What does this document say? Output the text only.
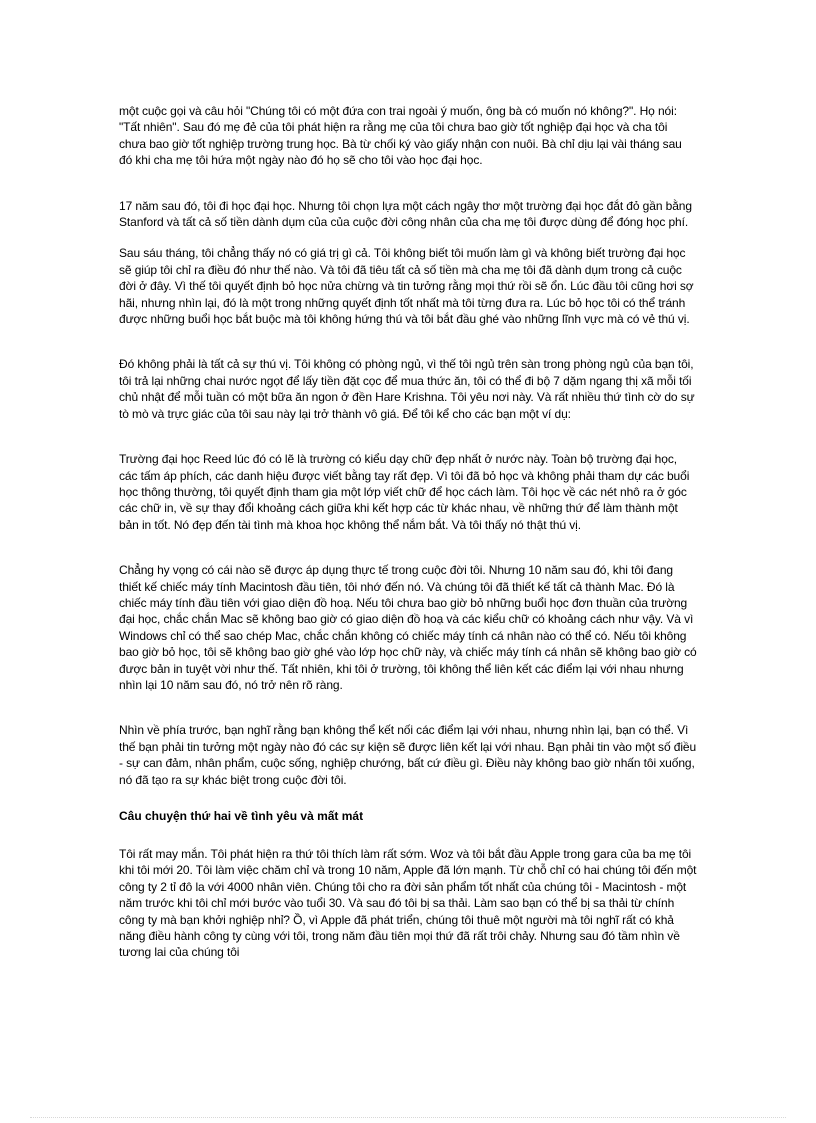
một cuộc gọi và câu hỏi "Chúng tôi có một đứa con trai ngoài ý muốn, ông bà có muốn nó không?". Họ nói: "Tất nhiên". Sau đó mẹ đẻ của tôi phát hiện ra rằng mẹ của tôi chưa bao giờ tốt nghiệp đại học và cha tôi chưa bao giờ tốt nghiệp trường trung học. Bà từ chối ký vào giấy nhận con nuôi. Bà chỉ dịu lại vài tháng sau đó khi cha mẹ tôi hứa một ngày nào đó họ sẽ cho tôi vào học đại học.

17 năm sau đó, tôi đi học đại học. Nhưng tôi chọn lựa một cách ngây thơ một trường đại học đắt đỏ gần bằng Stanford và tất cả số tiền dành dụm của của cuộc đời công nhân của cha mẹ tôi được dùng để đóng học phí.

Sau sáu tháng, tôi chẳng thấy nó có giá trị gì cả. Tôi không biết tôi muốn làm gì và không biết trường đại học sẽ giúp tôi chỉ ra điều đó như thế nào. Và tôi đã tiêu tất cả số tiền mà cha mẹ tôi đã dành dụm trong cả cuộc đời ở đây. Vì thế tôi quyết định bỏ học nửa chừng và tin tưởng rằng mọi thứ rồi sẽ ổn. Lúc đầu tôi cũng hơi sợ hãi, nhưng nhìn lại, đó là một trong những quyết định tốt nhất mà tôi từng đưa ra. Lúc bỏ học tôi có thể tránh được những buổi học bắt buộc mà tôi không hứng thú và tôi bắt đầu ghé vào những lĩnh vực mà có vẻ thú vị.

Đó không phải là tất cả sự thú vị. Tôi không có phòng ngủ, vì thế tôi ngủ trên sàn trong phòng ngủ của bạn tôi, tôi trả lại những chai nước ngọt để lấy tiền đặt cọc để mua thức ăn, tôi có thể đi bộ 7 dặm ngang thị xã mỗi tối chủ nhật để mỗi tuần có một bữa ăn ngon ở đền Hare Krishna. Tôi yêu nơi này. Và rất nhiều thứ tình cờ do sự tò mò và trực giác của tôi sau này lại trở thành vô giá. Để tôi kể cho các bạn một ví dụ:

Trường đại học Reed lúc đó có lẽ là trường có kiểu dạy chữ đẹp nhất ở nước này. Toàn bộ trường đại học, các tấm áp phích, các danh hiệu được viết bằng tay rất đẹp. Vì tôi đã bỏ học và không phải tham dự các buổi học thông thường, tôi quyết định tham gia một lớp viết chữ để học cách làm. Tôi học về các nét nhô ra ở góc các chữ in, về sự thay đổi khoảng cách giữa khi kết hợp các từ khác nhau, về những thứ để làm thành một bản in tốt. Nó đẹp đến tài tình mà khoa học không thể nắm bắt. Và tôi thấy nó thật thú vị.

Chẳng hy vọng có cái nào sẽ được áp dụng thực tế trong cuộc đời tôi. Nhưng 10 năm sau đó, khi tôi đang thiết kế chiếc máy tính Macintosh đầu tiên, tôi nhớ đến nó. Và chúng tôi đã thiết kế tất cả thành Mac. Đó là chiếc máy tính đầu tiên với giao diện đồ hoạ. Nếu tôi chưa bao giờ bỏ những buổi học đơn thuần của trường đại học, chắc chắn Mac sẽ không bao giờ có giao diện đồ hoạ và các kiểu chữ có khoảng cách như vậy. Và vì Windows chỉ có thể sao chép Mac, chắc chắn không có chiếc máy tính cá nhân nào có thể có. Nếu tôi không bao giờ bỏ học, tôi sẽ không bao giờ ghé vào lớp học chữ này, và chiếc máy tính cá nhân sẽ không bao giờ có được bản in tuyệt vời như thế. Tất nhiên, khi tôi ở trường, tôi không thể liên kết các điểm lại với nhau nhưng nhìn lại 10 năm sau đó, nó trở nên rõ ràng.

Nhìn về phía trước, bạn nghĩ rằng bạn không thể kết nối các điểm lại với nhau, nhưng nhìn lại, bạn có thể. Vì thế bạn phải tin tưởng một ngày nào đó các sự kiện sẽ được liên kết lại với nhau. Bạn phải tin vào một số điều - sự can đảm, nhân phẩm, cuộc sống, nghiệp chướng, bất cứ điều gì. Điều này không bao giờ nhấn tôi xuống, nó đã tạo ra sự khác biệt trong cuộc đời tôi.

Câu chuyện thứ hai về tình yêu và mất mát

Tôi rất may mắn. Tôi phát hiện ra thứ tôi thích làm rất sớm. Woz và tôi bắt đầu Apple trong gara của ba mẹ tôi khi tôi mới 20. Tôi làm việc chăm chỉ và trong 10 năm, Apple đã lớn mạnh. Từ chỗ chỉ có hai chúng tôi đến một công ty 2 tỉ đô la với 4000 nhân viên. Chúng tôi cho ra đời sản phẩm tốt nhất của chúng tôi - Macintosh - một năm trước khi tôi chỉ mới bước vào tuổi 30. Và sau đó tôi bị sa thải. Làm sao bạn có thể bị sa thải từ chính công ty mà bạn khởi nghiệp nhỉ? Ồ, vì Apple đã phát triển, chúng tôi thuê một người mà tôi nghĩ rất có khả năng điều hành công ty cùng với tôi, trong năm đầu tiên mọi thứ đã rất trôi chảy. Nhưng sau đó tầm nhìn về tương lai của chúng tôi
